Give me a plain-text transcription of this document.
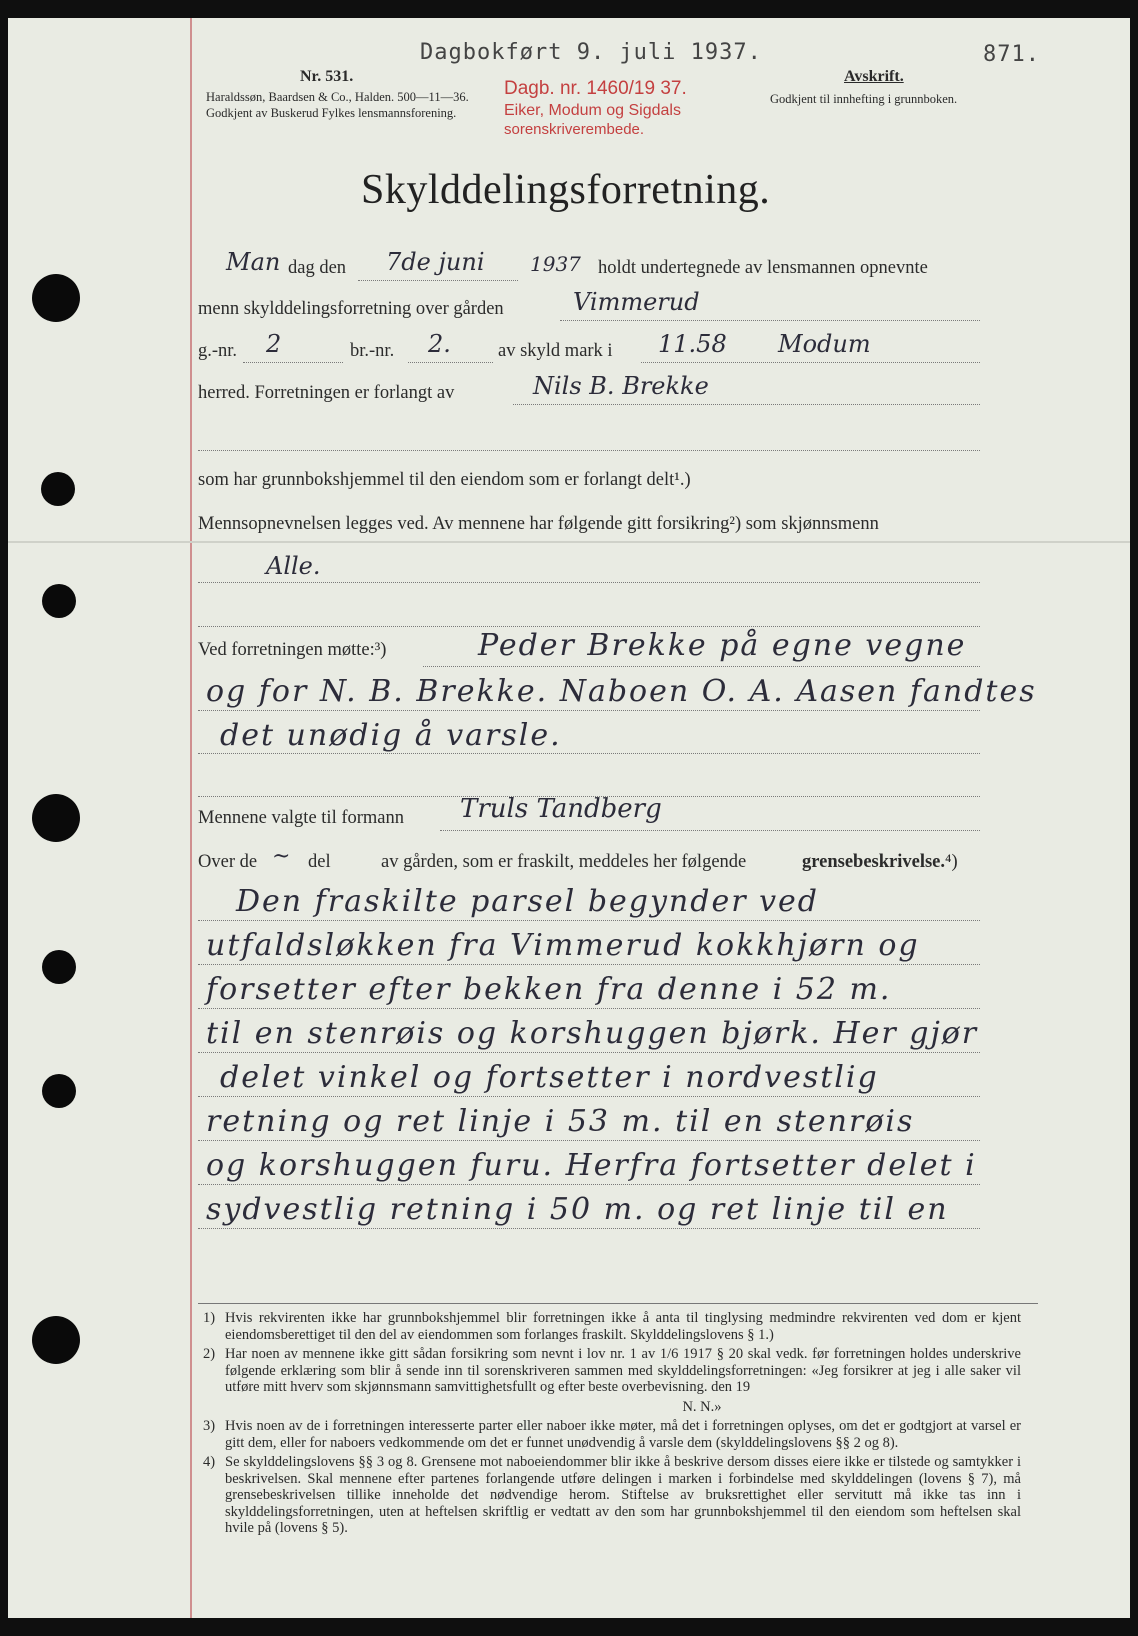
Dagbokført 9. juli 1937.	871.
Nr. 531.
Haraldssøn, Baardsen & Co., Halden. 500—11—36.
Godkjent av Buskerud Fylkes lensmannsforening.
Dagb. nr. 1460/19 37.
Eiker, Modum og Sigdals
sorenskriverembede.
Avskrift.
Godkjent til innhefting i grunnboken.
Skylddelingsforretning.
Man dag den 7de juni 1937 holdt undertegnede av lensmannen opnevnte
menn skylddelingsforretning over gården	Vimmerud
g.-nr. 2	br.-nr. 2.	av skyld mark i 11.58 Modum
herred. Forretningen er forlangt av	Nils B. Brekke
som har grunnbokshjemmel til den eiendom som er forlangt delt¹.)
Mennsopnevnelsen legges ved. Av mennene har følgende gitt forsikring²) som skjønnsmenn
Alle.
Ved forretningen møtte:³)	Peder Brekke på egne vegne
og for N. B. Brekke. Naboen O. A. Aasen fandtes
det unødig å varsle.
Mennene valgte til formann Truls Tandberg
Over de ~ del	av gården, som er fraskilt, meddeles her følgende	grensebeskrivelse.⁴)
Den fraskilte parsel begynder ved
utfaldsløkken fra Vimmerud kokkhjørn og
forsetter efter bekken fra denne i 52 m.
til en stenrøis og korshuggen bjørk. Her gjør
delet vinkel og fortsetter i nordvestlig
retning og ret linje i 53 m. til en stenrøis
og korshuggen furu. Herfra fortsetter delet i
sydvestlig retning i 50 m. og ret linje til en
1) Hvis rekvirenten ikke har grunnbokshjemmel blir forretningen ikke å anta til tinglysing medmindre rekvirenten ved dom er kjent eiendomsberettiget til den del av eiendommen som forlanges fraskilt. Skylddelingslovens § 1.)
2) Har noen av mennene ikke gitt sådan forsikring som nevnt i lov nr. 1 av 1/6 1917 § 20 skal vedk. før forretningen holdes underskrive følgende erklæring som blir å sende inn til sorenskriveren sammen med skylddelingsforretningen: «Jeg forsikrer at jeg i alle saker vil utføre mitt hverv som skjønnsmann samvittighetsfullt og efter beste overbevisning. den 19
N. N.»
3) Hvis noen av de i forretningen interesserte parter eller naboer ikke møter, må det i forretningen oplyses, om det er godtgjort at varsel er gitt dem, eller for naboers vedkommende om det er funnet unødvendig å varsle dem (skylddelingslovens §§ 2 og 8).
4) Se skylddelingslovens §§ 3 og 8. Grensene mot naboeiendommer blir ikke å beskrive dersom disses eiere ikke er tilstede og samtykker i beskrivelsen. Skal mennene efter partenes forlangende utføre delingen i marken i forbindelse med skylddelingen (lovens § 7), må grensebeskrivelsen tillike inneholde det nødvendige herom. Stiftelse av bruksrettighet eller servitutt må ikke tas inn i skylddelingsforretningen, uten at heftelsen skriftlig er vedtatt av den som har grunnbokshjemmel til den eiendom som heftelsen skal hvile på (lovens § 5).
